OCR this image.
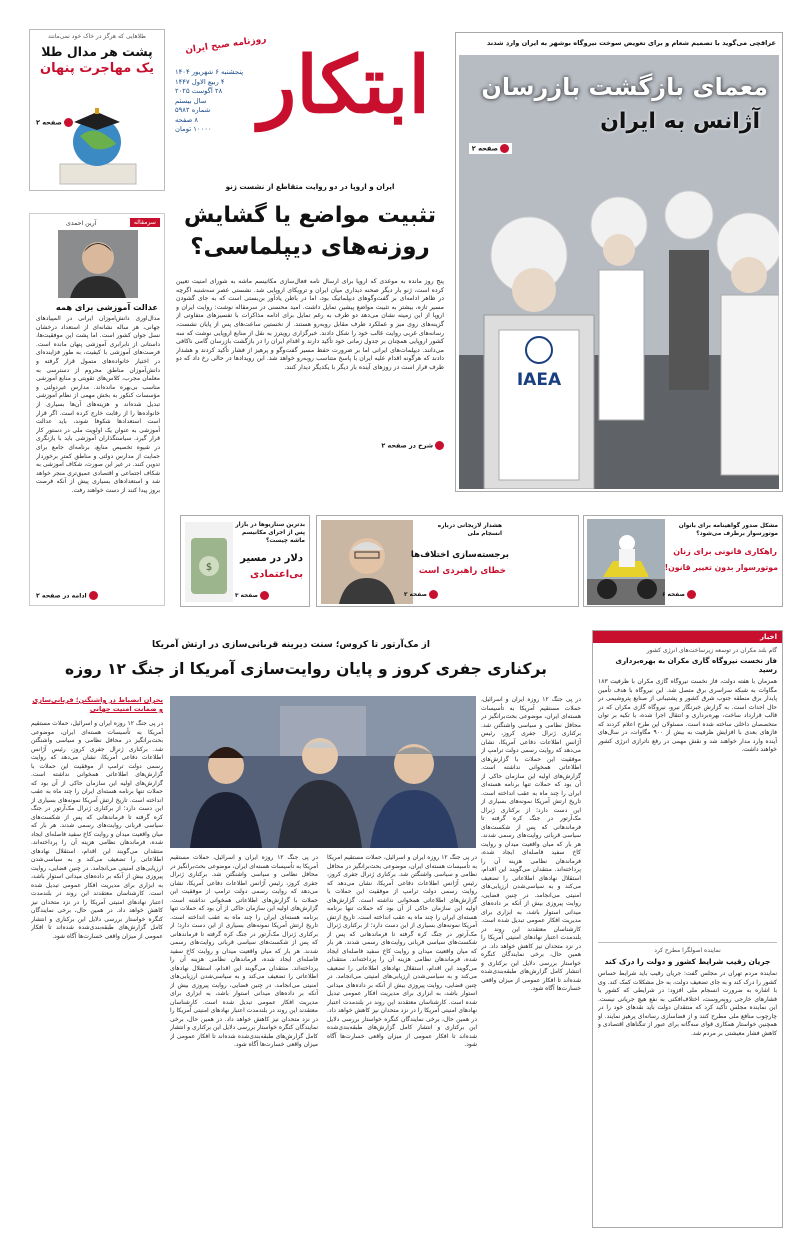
طلاهایی که هرگز در خاک خود نمی‌مانند
پشت هر مدال طلا
یک مهاجرت پنهان
صفحه ۲	ابتکار
روزنامه صبح ایران
پنجشنبه ۶ شهریور ۱۴۰۴
۴ ربیع الاول ۱۴۴۷
۲۸ آگوست ۲۰۲۵
سال بیستم
شماره ۵۹۸۲
۸ صفحه
۱۰۰۰۰ تومان
عراقچی می‌گوید با تصمیم شعام و برای تعویض سوخت نیروگاه بوشهر به ایران وارد شدند
IAEA
معمای بازگشت بازرسان
آژانس به ایران
صفحه ۲
ایران و اروپا در دو روایت متقاطع از نشست ژنو
تثبیت مواضع یا گشایش
روزنه‌های دیپلماسی؟
پنج روز مانده به موعدی که اروپا برای ارسال نامه فعال‌سازی مکانیسم ماشه به شورای امنیت تعیین کرده است، ژنو بار دیگر صحنه دیداری میان ایران و ترویکای اروپایی شد. نشستی عصر سه‌شنبه اگرچه در ظاهر ادامه‌ای بر گفت‌وگوهای دیپلماتیک بود، اما در باطن یادآور بن‌بستی است که به جای گشودن مسیر تازه، بیشتر به تثبیت مواضع پیشین تمایل داشت. امید محسنی در سرمقاله نوشت: روایت ایران و اروپا از این زمینه نشان می‌دهد دو طرف به رغم تمایل برای ادامه مذاکرات با تفسیرهای متفاوتی از گزینه‌های روی میز و عملکرد طرف مقابل روبه‌رو هستند. از نخستین ساعت‌های پس از پایان نشست، رسانه‌های غربی روایت غالب خود را شکل دادند. خبرگزاری رویترز به نقل از منابع اروپایی نوشت که سه کشور اروپایی همچنان بر جدول زمانی خود تأکید دارند و اقدام ایران را در بازگشت بازرسان گامی ناکافی می‌دانند. دیپلمات‌های ایرانی اما بر ضرورت حفظ مسیر گفت‌وگو و پرهیز از فشار تأکید کردند و هشدار دادند که هرگونه اقدام علیه ایران با پاسخ متناسب روبه‌رو خواهد شد. این رویدادها در حالی رخ داد که دو طرف قرار است در روزهای آینده بار دیگر با یکدیگر دیدار کنند.
شرح در صفحه ۲
سرمقاله
آرین احمدی
عدالت آموزشی برای همه
مدال‌آوری دانش‌آموزان ایرانی در المپیادهای جهانی، هر ساله نشانه‌ای از استعداد درخشان نسل جوان کشور است. اما پشت این موفقیت‌ها، داستانی از نابرابری آموزشی پنهان مانده است. فرصت‌های آموزشی با کیفیت، به طور فزاینده‌ای در اختیار خانواده‌های متمول قرار گرفته و دانش‌آموزان مناطق محروم از دسترسی به معلمان مجرب، کلاس‌های تقویتی و منابع آموزشی مناسب بی‌بهره مانده‌اند. مدارس غیردولتی و مؤسسات کنکور به بخش مهمی از نظام آموزشی تبدیل شده‌اند و هزینه‌های آن‌ها بسیاری از خانواده‌ها را از رقابت خارج کرده است. اگر قرار است استعدادها شکوفا شوند، باید عدالت آموزشی به عنوان یک اولویت ملی در دستور کار قرار گیرد. سیاستگذاران آموزشی باید با بازنگری در شیوه تخصیص منابع، برنامه‌ای جامع برای حمایت از مدارس دولتی و مناطق کمتر برخوردار تدوین کنند. در غیر این صورت، شکاف آموزشی به شکاف اجتماعی و اقتصادی عمیق‌تری منجر خواهد شد و استعدادهای بسیاری پیش از آنکه فرصت بروز پیدا کنند از دست خواهند رفت.
ادامه در صفحه ۲
$
بدترین سناریوها در بازار پس از اجرای مکانیسم ماشه چیست؟
دلار در مسیر
بی‌اعتمادی
صفحه ۳
هشدار لاریجانی درباره انسجام ملی
برجسته‌سازی اختلاف‌ها
خطای راهبردی است
صفحه ۲
مشکل صدور گواهینامه برای بانوان موتورسوار برطرف می‌شود؟
راهکاری قانونی برای زنان
موتورسوار بدون تغییر قانون!
صفحه ۶
از مک‌آرتور تا کروس؛ سنت دیرینه قربانی‌سازی در ارتش آمریکا
برکناری جفری کروز و پایان روایت‌سازی آمریکا از جنگ ۱۲ روزه
در پی جنگ ۱۲ روزه ایران و اسرائیل، حملات مستقیم آمریکا به تأسیسات هسته‌ای ایران، موضوعی بحث‌برانگیز در محافل نظامی و سیاسی واشنگتن شد. برکناری ژنرال جفری کروز، رئیس آژانس اطلاعات دفاعی آمریکا، نشان می‌دهد که روایت رسمی دولت ترامپ از موفقیت این حملات با گزارش‌های اطلاعاتی همخوانی نداشته است. گزارش‌های اولیه این سازمان حاکی از آن بود که حملات تنها برنامه هسته‌ای ایران را چند ماه به عقب انداخته است. تاریخ ارتش آمریکا نمونه‌های بسیاری از این دست دارد؛ از برکناری ژنرال مک‌آرتور در جنگ کره گرفته تا فرماندهانی که پس از شکست‌های سیاسی قربانی روایت‌های رسمی شدند. هر بار که میان واقعیت میدان و روایت کاخ سفید فاصله‌ای ایجاد شده، فرماندهان نظامی هزینه آن را پرداخته‌اند. منتقدان می‌گویند این اقدام، استقلال نهادهای اطلاعاتی را تضعیف می‌کند و به سیاسی‌شدن ارزیابی‌های امنیتی می‌انجامد. در چنین فضایی، روایت پیروزی بیش از آنکه بر داده‌های میدانی استوار باشد، به ابزاری برای مدیریت افکار عمومی تبدیل شده است. کارشناسان معتقدند این روند در بلندمدت اعتبار نهادهای امنیتی آمریکا را در نزد متحدان نیز کاهش خواهد داد. در همین حال، برخی نمایندگان کنگره خواستار بررسی دلایل این برکناری و انتشار کامل گزارش‌های طبقه‌بندی‌شده شده‌اند تا افکار عمومی از میزان واقعی خسارت‌ها آگاه شود.
بحران انضباط در واشنگتن؛ قربانی‌سازی و ضمانت امنیت جهانی
در پی جنگ ۱۲ روزه ایران و اسرائیل، حملات مستقیم آمریکا به تأسیسات هسته‌ای ایران، موضوعی بحث‌برانگیز در محافل نظامی و سیاسی واشنگتن شد. برکناری ژنرال جفری کروز، رئیس آژانس اطلاعات دفاعی آمریکا، نشان می‌دهد که روایت رسمی دولت ترامپ از موفقیت این حملات با گزارش‌های اطلاعاتی همخوانی نداشته است. گزارش‌های اولیه این سازمان حاکی از آن بود که حملات تنها برنامه هسته‌ای ایران را چند ماه به عقب انداخته است. تاریخ ارتش آمریکا نمونه‌های بسیاری از این دست دارد؛ از برکناری ژنرال مک‌آرتور در جنگ کره گرفته تا فرماندهانی که پس از شکست‌های سیاسی قربانی روایت‌های رسمی شدند. هر بار که میان واقعیت میدان و روایت کاخ سفید فاصله‌ای ایجاد شده، فرماندهان نظامی هزینه آن را پرداخته‌اند. منتقدان می‌گویند این اقدام، استقلال نهادهای اطلاعاتی را تضعیف می‌کند و به سیاسی‌شدن ارزیابی‌های امنیتی می‌انجامد. در چنین فضایی، روایت پیروزی بیش از آنکه بر داده‌های میدانی استوار باشد، به ابزاری برای مدیریت افکار عمومی تبدیل شده است. کارشناسان معتقدند این روند در بلندمدت اعتبار نهادهای امنیتی آمریکا را در نزد متحدان نیز کاهش خواهد داد. در همین حال، برخی نمایندگان کنگره خواستار بررسی دلایل این برکناری و انتشار کامل گزارش‌های طبقه‌بندی‌شده شده‌اند تا افکار عمومی از میزان واقعی خسارت‌ها آگاه شود.
در پی جنگ ۱۲ روزه ایران و اسرائیل، حملات مستقیم آمریکا به تأسیسات هسته‌ای ایران، موضوعی بحث‌برانگیز در محافل نظامی و سیاسی واشنگتن شد. برکناری ژنرال جفری کروز، رئیس آژانس اطلاعات دفاعی آمریکا، نشان می‌دهد که روایت رسمی دولت ترامپ از موفقیت این حملات با گزارش‌های اطلاعاتی همخوانی نداشته است. گزارش‌های اولیه این سازمان حاکی از آن بود که حملات تنها برنامه هسته‌ای ایران را چند ماه به عقب انداخته است. تاریخ ارتش آمریکا نمونه‌های بسیاری از این دست دارد؛ از برکناری ژنرال مک‌آرتور در جنگ کره گرفته تا فرماندهانی که پس از شکست‌های سیاسی قربانی روایت‌های رسمی شدند. هر بار که میان واقعیت میدان و روایت کاخ سفید فاصله‌ای ایجاد شده، فرماندهان نظامی هزینه آن را پرداخته‌اند. منتقدان می‌گویند این اقدام، استقلال نهادهای اطلاعاتی را تضعیف می‌کند و به سیاسی‌شدن ارزیابی‌های امنیتی می‌انجامد. در چنین فضایی، روایت پیروزی بیش از آنکه بر داده‌های میدانی استوار باشد، به ابزاری برای مدیریت افکار عمومی تبدیل شده است. کارشناسان معتقدند این روند در بلندمدت اعتبار نهادهای امنیتی آمریکا را در نزد متحدان نیز کاهش خواهد داد. در همین حال، برخی نمایندگان کنگره خواستار بررسی دلایل این برکناری و انتشار کامل گزارش‌های طبقه‌بندی‌شده شده‌اند تا افکار عمومی از میزان واقعی خسارت‌ها آگاه شود.
در پی جنگ ۱۲ روزه ایران و اسرائیل، حملات مستقیم آمریکا به تأسیسات هسته‌ای ایران، موضوعی بحث‌برانگیز در محافل نظامی و سیاسی واشنگتن شد. برکناری ژنرال جفری کروز، رئیس آژانس اطلاعات دفاعی آمریکا، نشان می‌دهد که روایت رسمی دولت ترامپ از موفقیت این حملات با گزارش‌های اطلاعاتی همخوانی نداشته است. گزارش‌های اولیه این سازمان حاکی از آن بود که حملات تنها برنامه هسته‌ای ایران را چند ماه به عقب انداخته است. تاریخ ارتش آمریکا نمونه‌های بسیاری از این دست دارد؛ از برکناری ژنرال مک‌آرتور در جنگ کره گرفته تا فرماندهانی که پس از شکست‌های سیاسی قربانی روایت‌های رسمی شدند. هر بار که میان واقعیت میدان و روایت کاخ سفید فاصله‌ای ایجاد شده، فرماندهان نظامی هزینه آن را پرداخته‌اند. منتقدان می‌گویند این اقدام، استقلال نهادهای اطلاعاتی را تضعیف می‌کند و به سیاسی‌شدن ارزیابی‌های امنیتی می‌انجامد. در چنین فضایی، روایت پیروزی بیش از آنکه بر داده‌های میدانی استوار باشد، به ابزاری برای مدیریت افکار عمومی تبدیل شده است. کارشناسان معتقدند این روند در بلندمدت اعتبار نهادهای امنیتی آمریکا را در نزد متحدان نیز کاهش خواهد داد. در همین حال، برخی نمایندگان کنگره خواستار بررسی دلایل این برکناری و انتشار کامل گزارش‌های طبقه‌بندی‌شده شده‌اند تا افکار عمومی از میزان واقعی خسارت‌ها آگاه شود.
اخبار
گام بلند مکران در توسعه زیرساخت‌های انرژی کشور
فاز نخست نیروگاه گازی مکران به بهره‌برداری رسید
همزمان با هفته دولت، فاز نخست نیروگاه گازی مکران با ظرفیت ۱۸۳ مگاوات به شبکه سراسری برق متصل شد. این نیروگاه با هدف تأمین پایدار برق منطقه جنوب شرق کشور و پشتیبانی از صنایع پتروشیمی در حال احداث است. به گزارش خبرنگار نیرو، نیروگاه گازی مکران که در قالب قرارداد ساخت، بهره‌برداری و انتقال اجرا شده، با تکیه بر توان متخصصان داخلی ساخته شده است. مسئولان این طرح اعلام کردند که فازهای بعدی با افزایش ظرفیت به بیش از ۹۰۰ مگاوات، در سال‌های آینده وارد مدار خواهند شد و نقش مهمی در رفع ناترازی انرژی کشور خواهند داشت.
نماینده اصولگرا مطرح کرد
جریان رقیب شرایط کشور و دولت را درک کند
نماینده مردم تهران در مجلس گفت: جریان رقیب باید شرایط حساس کشور را درک کند و به جای تضعیف دولت، به حل مشکلات کمک کند. وی با اشاره به ضرورت انسجام ملی افزود: در شرایطی که کشور با فشارهای خارجی روبه‌روست، اختلاف‌افکنی به نفع هیچ جریانی نیست. این نماینده مجلس تأکید کرد که منتقدان دولت باید نقدهای خود را در چارچوب منافع ملی مطرح کنند و از فضاسازی رسانه‌ای پرهیز نمایند. او همچنین خواستار همکاری قوای سه‌گانه برای عبور از تنگناهای اقتصادی و کاهش فشار معیشتی بر مردم شد.
